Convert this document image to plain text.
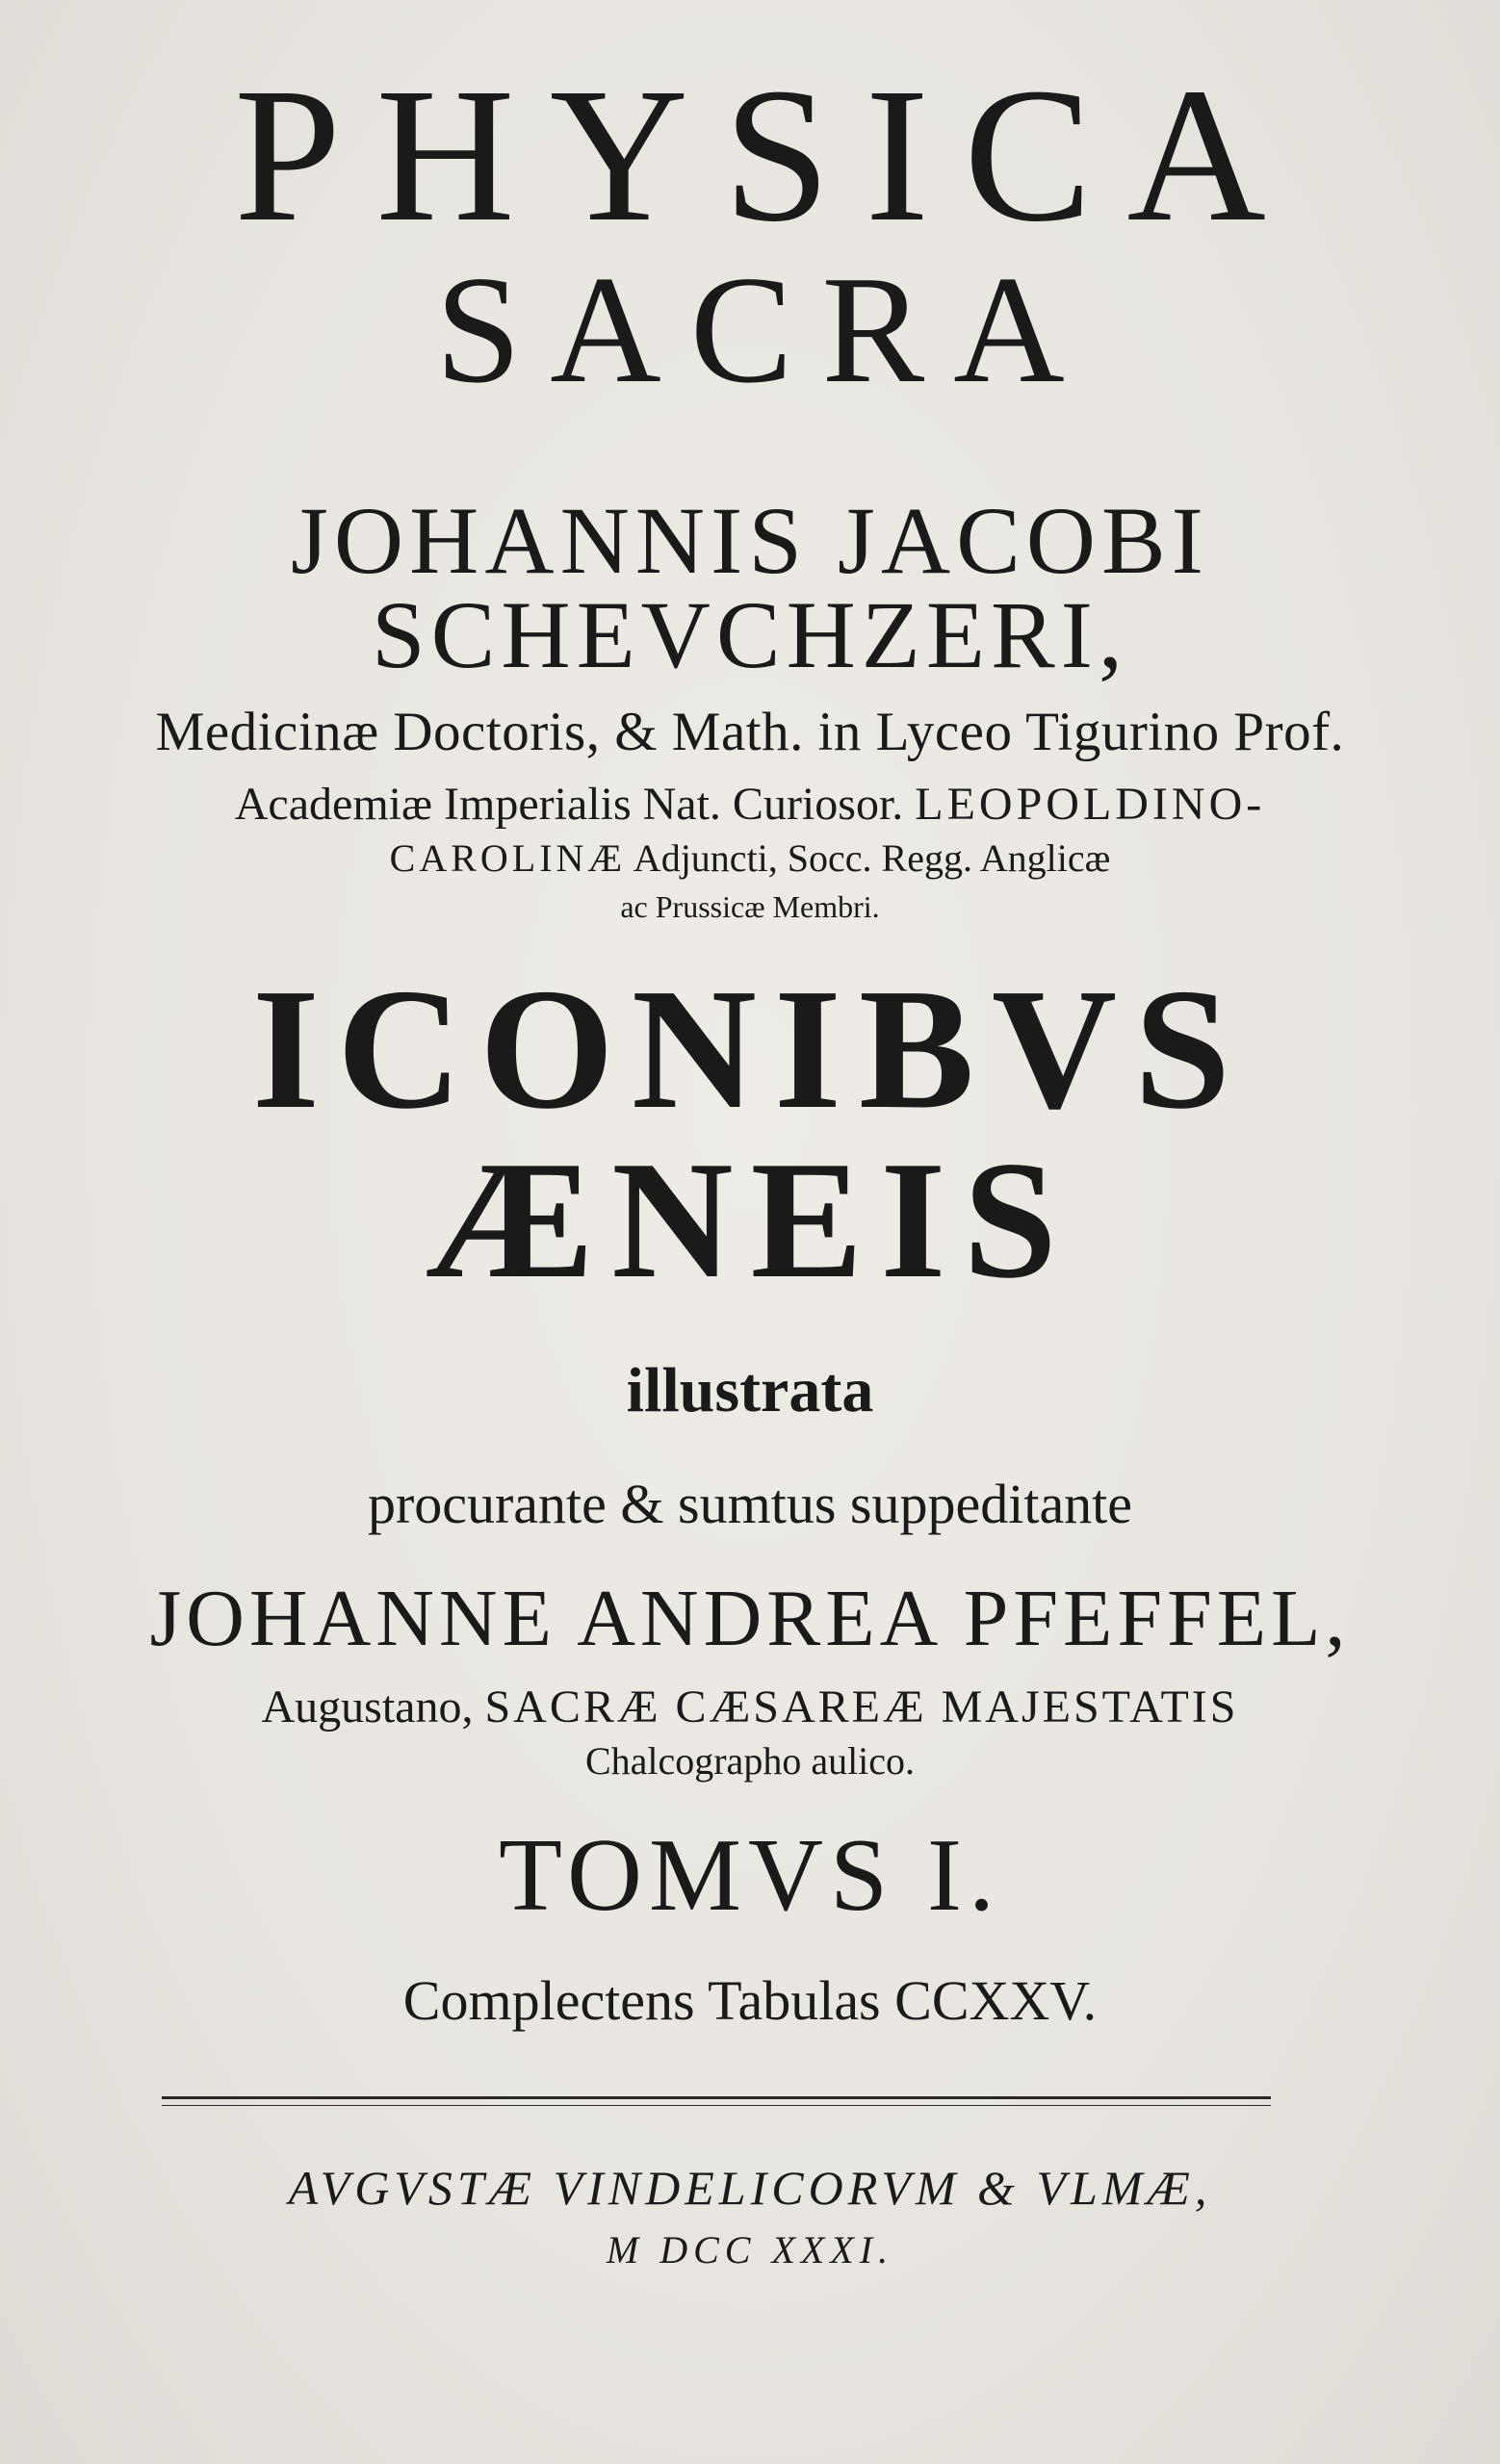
PHYSICA
SACRA
JOHANNIS JACOBI
SCHEVCHZERI,
Medicinæ Doctoris, & Math. in Lyceo Tigurino Prof.
Academiæ Imperialis Nat. Curiosor. LEOPOLDINO-
CAROLINÆ Adjuncti, Socc. Regg. Anglicæ
ac Prussicæ Membri.
ICONIBVS
ÆNEIS
illustrata
procurante & sumtus suppeditante
JOHANNE ANDREA PFEFFEL,
Augustano, SACRÆ CÆSAREÆ MAJESTATIS
Chalcographo aulico.
TOMVS I.
Complectens Tabulas CCXXV.
AVGVSTÆ VINDELICORVM & VLMÆ,
M DCC XXXI.
